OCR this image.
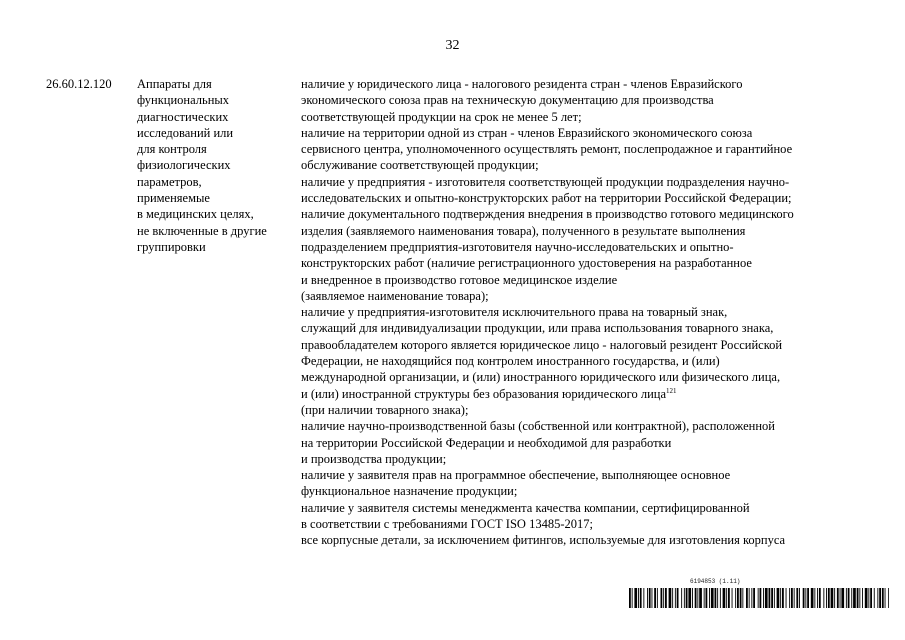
32
26.60.12.120	Аппараты для
функциональных
диагностических
исследований или
для контроля
физиологических
параметров,
применяемые
в медицинских целях,
не включенные в другие
группировки
наличие у юридического лица - налогового резидента стран - членов Евразийского
экономического союза прав на техническую документацию для производства
соответствующей продукции на срок не менее 5 лет;
наличие на территории одной из стран - членов Евразийского экономического союза
сервисного центра, уполномоченного осуществлять ремонт, послепродажное и гарантийное
обслуживание соответствующей продукции;
наличие у предприятия - изготовителя соответствующей продукции подразделения научно-
исследовательских и опытно-конструкторских работ на территории Российской Федерации;
наличие документального подтверждения внедрения в производство готового медицинского
изделия (заявляемого наименования товара), полученного в результате выполнения
подразделением предприятия-изготовителя научно-исследовательских и опытно-
конструкторских работ (наличие регистрационного удостоверения на разработанное
и внедренное в производство готовое медицинское изделие
(заявляемое наименование товара);
наличие у предприятия-изготовителя исключительного права на товарный знак,
служащий для индивидуализации продукции, или права использования товарного знака,
правообладателем которого является юридическое лицо - налоговый резидент Российской
Федерации, не находящийся под контролем иностранного государства, и (или)
международной организации, и (или) иностранного юридического или физического лица,
и (или) иностранной структуры без образования юридического лица$^{121}$
(при наличии товарного знака);
наличие научно-производственной базы (собственной или контрактной), расположенной
на территории Российской Федерации и необходимой для разработки
и производства продукции;
наличие у заявителя прав на программное обеспечение, выполняющее основное
функциональное назначение продукции;
наличие у заявителя системы менеджмента качества компании, сертифицированной
в соответствии с требованиями ГОСТ ISO 13485-2017;
все корпусные детали, за исключением фитингов, используемые для изготовления корпуса
6194853 (1.11)
